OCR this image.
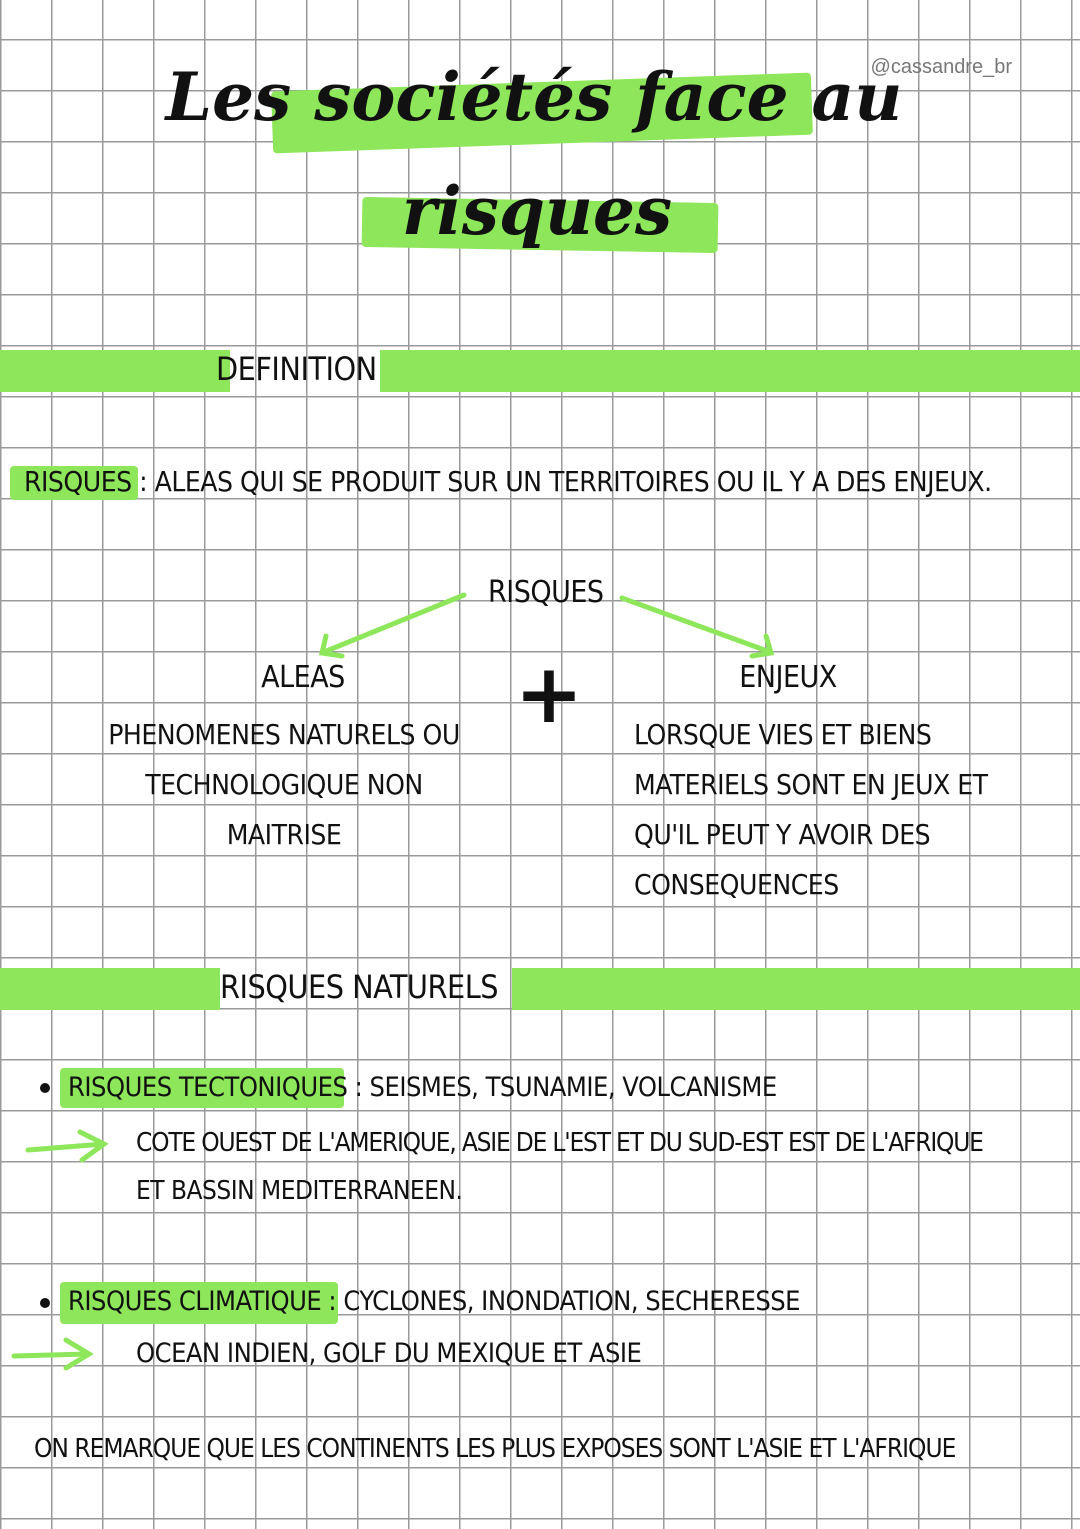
Les sociétés face au
risques
@cassandre_br
DEFINITION
RISQUES : ALEAS QUI SE PRODUIT SUR UN TERRITOIRES OU IL Y A DES ENJEUX.
RISQUES
ALEAS
PHENOMENES NATURELS OU
TECHNOLOGIQUE NON
MAITRISE
+	ENJEUX
LORSQUE VIES ET BIENS
MATERIELS SONT EN JEUX ET
QU'IL PEUT Y AVOIR DES
CONSEQUENCES
RISQUES NATURELS
RISQUES TECTONIQUES : SEISMES, TSUNAMIE, VOLCANISME
COTE OUEST DE L'AMERIQUE, ASIE DE L'EST ET DU SUD-EST EST DE L'AFRIQUE
ET BASSIN MEDITERRANEEN.
RISQUES CLIMATIQUE : CYCLONES, INONDATION, SECHERESSE
OCEAN INDIEN, GOLF DU MEXIQUE ET ASIE
ON REMARQUE QUE LES CONTINENTS LES PLUS EXPOSES SONT L'ASIE ET L'AFRIQUE
